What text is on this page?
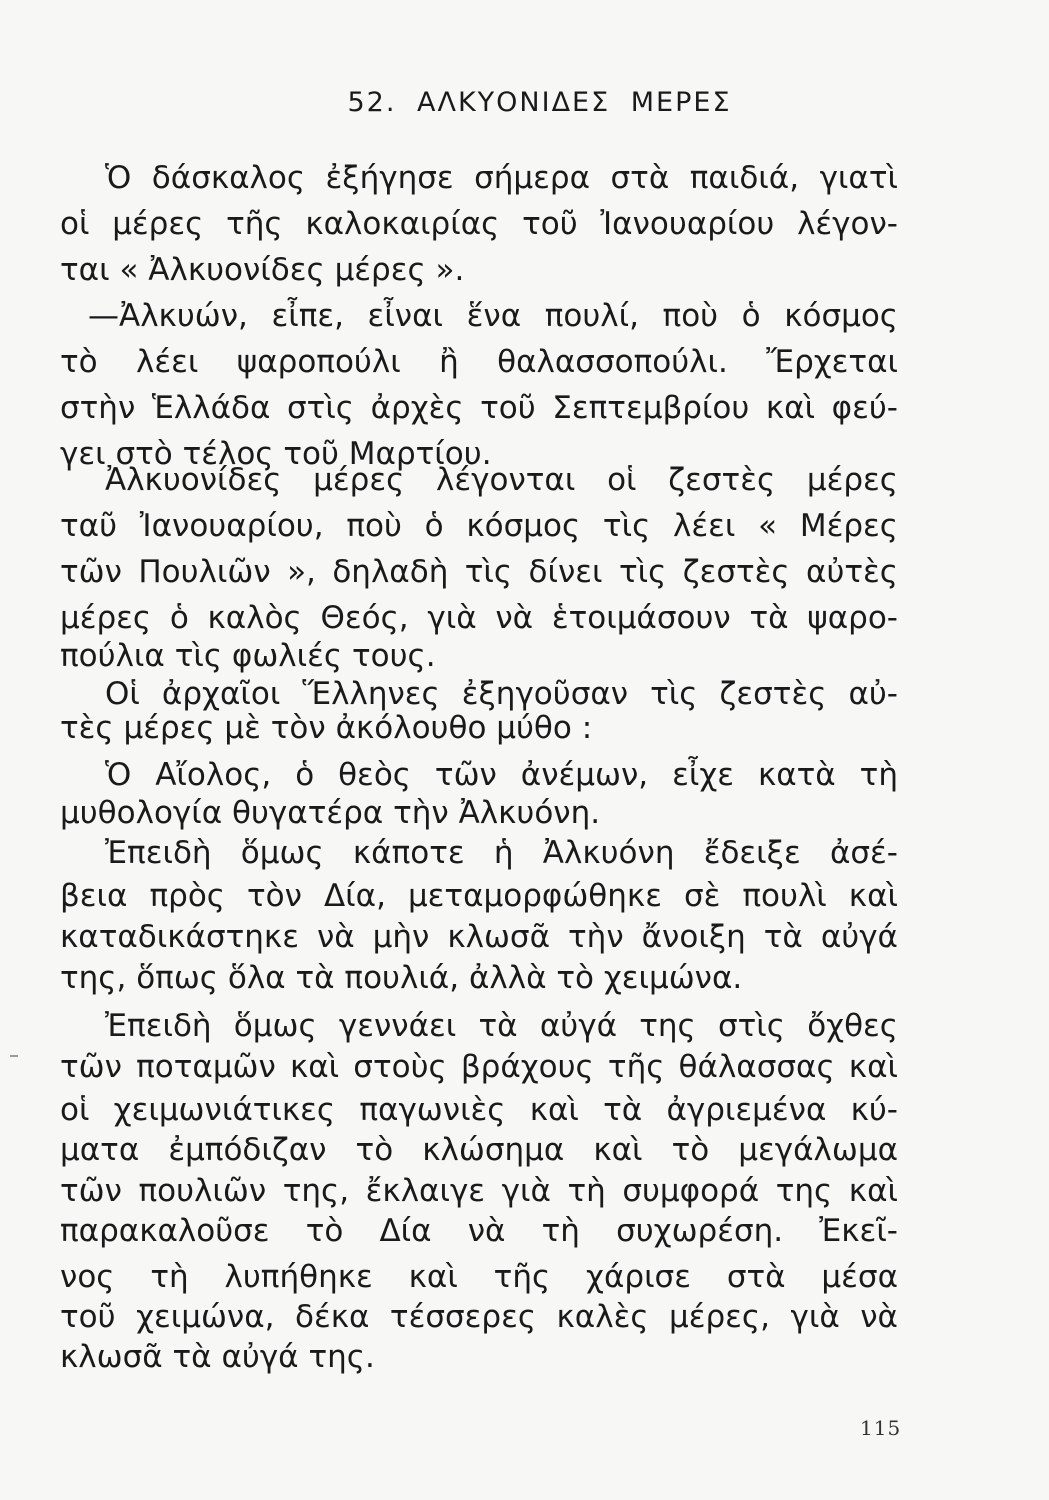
52. ΑΛΚΥΟΝΙΔΕΣ ΜΕΡΕΣ

Ὁ δάσκαλος ἐξήγησε σήμερα στὰ παιδιά, γιατὶ

οἱ μέρες τῆς καλοκαιρίας τοῦ Ἰανουαρίου λέγον-

ται « Ἀλκυονίδες μέρες ».

—Ἀλκυών, εἶπε, εἶναι ἕνα πουλί, ποὺ ὁ κόσμος

τὸ λέει ψαροπούλι ἢ θαλασσοπούλι. Ἔρχεται

στὴν Ἑλλάδα στὶς ἀρχὲς τοῦ Σεπτεμβρίου καὶ φεύ-

γει στὸ τέλος τοῦ Μαρτίου.

Ἀλκυονίδες μέρες λέγονται οἱ ζεστὲς μέρες

ταῦ Ἰανουαρίου, ποὺ ὁ κόσμος τὶς λέει « Μέρες

τῶν Πουλιῶν », δηλαδὴ τὶς δίνει τὶς ζεστὲς αὐτὲς

μέρες ὁ καλὸς Θεός, γιὰ νὰ ἑτοιμάσουν τὰ ψαρο-

πούλια τὶς φωλιές τους.

Οἱ ἀρχαῖοι Ἕλληνες ἐξηγοῦσαν τὶς ζεστὲς αὐ-

τὲς μέρες μὲ τὸν ἀκόλουθο μύθο :

Ὁ Αἴολος, ὁ θεὸς τῶν ἀνέμων, εἶχε κατὰ τὴ

μυθολογία θυγατέρα τὴν Ἀλκυόνη.

Ἐπειδὴ ὅμως κάποτε ἡ Ἀλκυόνη ἔδειξε ἀσέ-

βεια πρὸς τὸν Δία, μεταμορφώθηκε σὲ πουλὶ καὶ

καταδικάστηκε νὰ μὴν κλωσᾶ τὴν ἄνοιξη τὰ αὐγά

της, ὅπως ὅλα τὰ πουλιά, ἀλλὰ τὸ χειμώνα.

Ἐπειδὴ ὅμως γεννάει τὰ αὐγά της στὶς ὄχθες

τῶν ποταμῶν καὶ στοὺς βράχους τῆς θάλασσας καὶ

οἱ χειμωνιάτικες παγωνιὲς καὶ τὰ ἀγριεμένα κύ-

ματα ἐμπόδιζαν τὸ κλώσημα καὶ τὸ μεγάλωμα

τῶν πουλιῶν της, ἔκλαιγε γιὰ τὴ συμφορά της καὶ

παρακαλοῦσε τὸ Δία νὰ τὴ συχωρέση. Ἐκεῖ-

νος τὴ λυπήθηκε καὶ τῆς χάρισε στὰ μέσα

τοῦ χειμώνα, δέκα τέσσερες καλὲς μέρες, γιὰ νὰ

κλωσᾶ τὰ αὐγά της.

115
